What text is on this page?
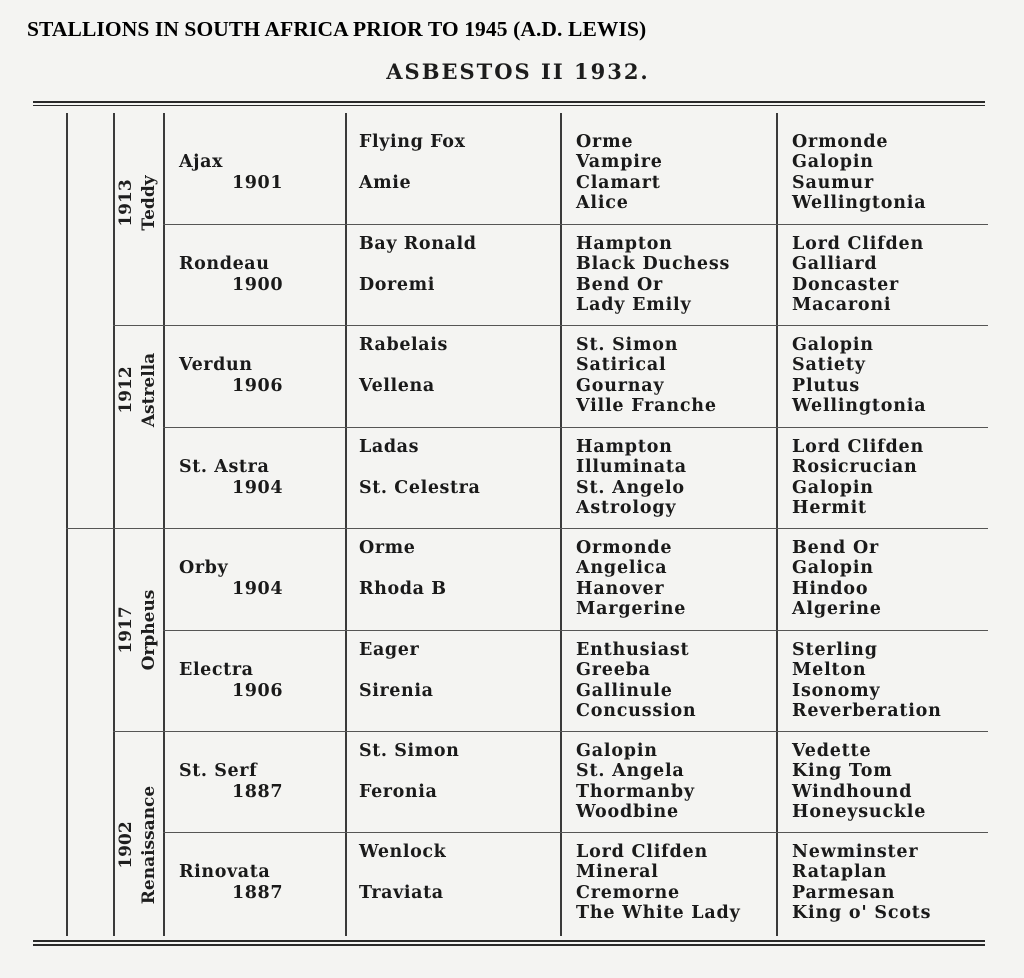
STALLIONS IN SOUTH AFRICA PRIOR TO 1945 (A.D. LEWIS)
ASBESTOS II 1932.
1913 Teddy
1912 Astrella
1917 Orpheus
1902 Renaissance
Ajax
1901
Flying Fox
Amie
Orme
Vampire
Clamart
Alice
Ormonde
Galopin
Saumur
Wellingtonia
Rondeau
1900
Bay Ronald
Doremi
Hampton
Black Duchess
Bend Or
Lady Emily
Lord Clifden
Galliard
Doncaster
Macaroni
Verdun
1906
Rabelais
Vellena
St. Simon
Satirical
Gournay
Ville Franche
Galopin
Satiety
Plutus
Wellingtonia
St. Astra
1904
Ladas
St. Celestra
Hampton
Illuminata
St. Angelo
Astrology
Lord Clifden
Rosicrucian
Galopin
Hermit
Orby
1904
Orme
Rhoda B
Ormonde
Angelica
Hanover
Margerine
Bend Or
Galopin
Hindoo
Algerine
Electra
1906
Eager
Sirenia
Enthusiast
Greeba
Gallinule
Concussion
Sterling
Melton
Isonomy
Reverberation
St. Serf
1887
St. Simon
Feronia
Galopin
St. Angela
Thormanby
Woodbine
Vedette
King Tom
Windhound
Honeysuckle
Rinovata
1887
Wenlock
Traviata
Lord Clifden
Mineral
Cremorne
The White Lady
Newminster
Rataplan
Parmesan
King o' Scots
